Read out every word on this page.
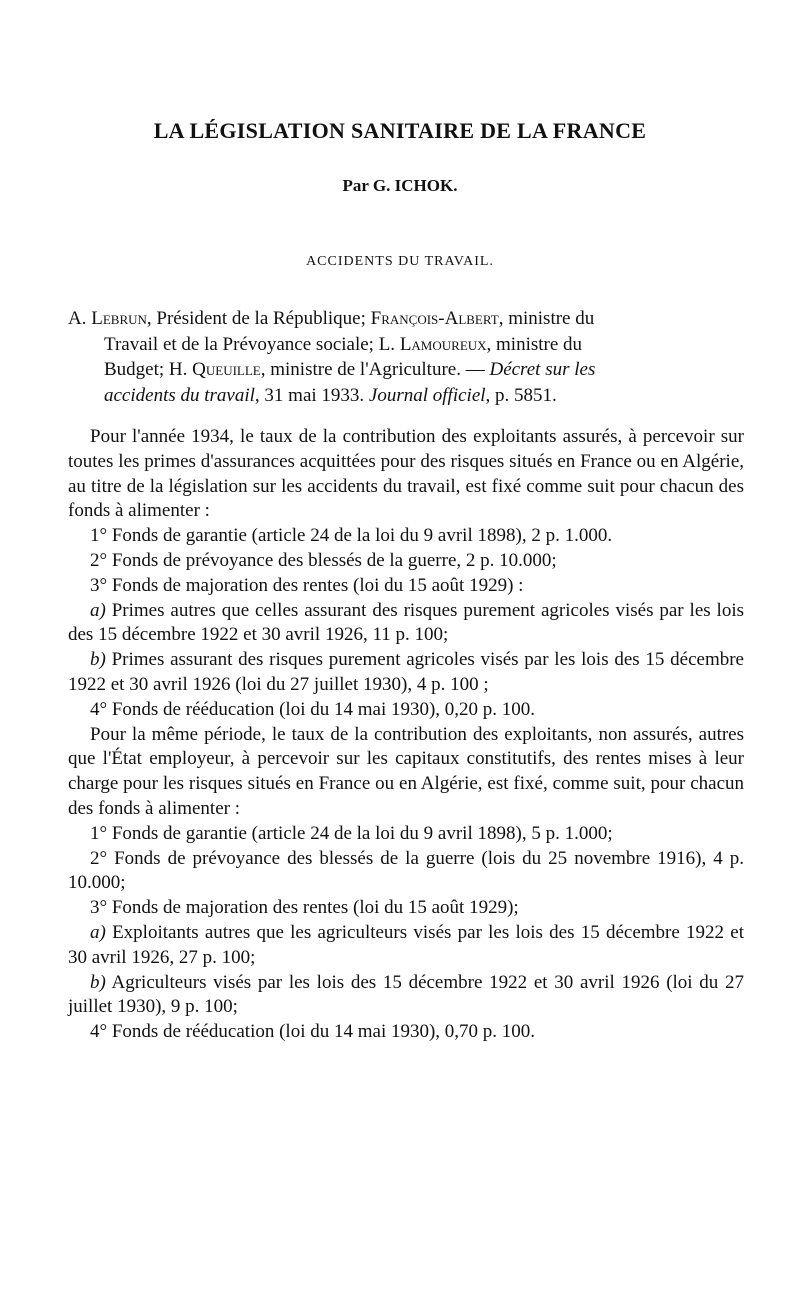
LA LÉGISLATION SANITAIRE DE LA FRANCE
Par G. ICHOK.
ACCIDENTS DU TRAVAIL.
A. Lebrun, Président de la République; François-Albert, ministre du
Travail et de la Prévoyance sociale; L. Lamoureux, ministre du
Budget; H. Queuille, ministre de l'Agriculture. — Décret sur les
accidents du travail, 31 mai 1933. Journal officiel, p. 5851.

Pour l'année 1934, le taux de la contribution des exploitants assurés, à percevoir sur toutes les primes d'assurances acquittées pour des risques situés en France ou en Algérie, au titre de la législation sur les accidents du travail, est fixé comme suit pour chacun des fonds à alimenter :

1° Fonds de garantie (article 24 de la loi du 9 avril 1898), 2 p. 1.000.

2° Fonds de prévoyance des blessés de la guerre, 2 p. 10.000;

3° Fonds de majoration des rentes (loi du 15 août 1929) :

a) Primes autres que celles assurant des risques purement agricoles visés par les lois des 15 décembre 1922 et 30 avril 1926, 11 p. 100;

b) Primes assurant des risques purement agricoles visés par les lois des 15 décembre 1922 et 30 avril 1926 (loi du 27 juillet 1930), 4 p. 100 ;

4° Fonds de rééducation (loi du 14 mai 1930), 0,20 p. 100.

Pour la même période, le taux de la contribution des exploitants, non assurés, autres que l'État employeur, à percevoir sur les capitaux constitutifs, des rentes mises à leur charge pour les risques situés en France ou en Algérie, est fixé, comme suit, pour chacun des fonds à alimenter :

1° Fonds de garantie (article 24 de la loi du 9 avril 1898), 5 p. 1.000;

2° Fonds de prévoyance des blessés de la guerre (lois du 25 novembre 1916), 4 p. 10.000;

3° Fonds de majoration des rentes (loi du 15 août 1929);

a) Exploitants autres que les agriculteurs visés par les lois des 15 décembre 1922 et 30 avril 1926, 27 p. 100;

b) Agriculteurs visés par les lois des 15 décembre 1922 et 30 avril 1926 (loi du 27 juillet 1930), 9 p. 100;

4° Fonds de rééducation (loi du 14 mai 1930), 0,70 p. 100.
